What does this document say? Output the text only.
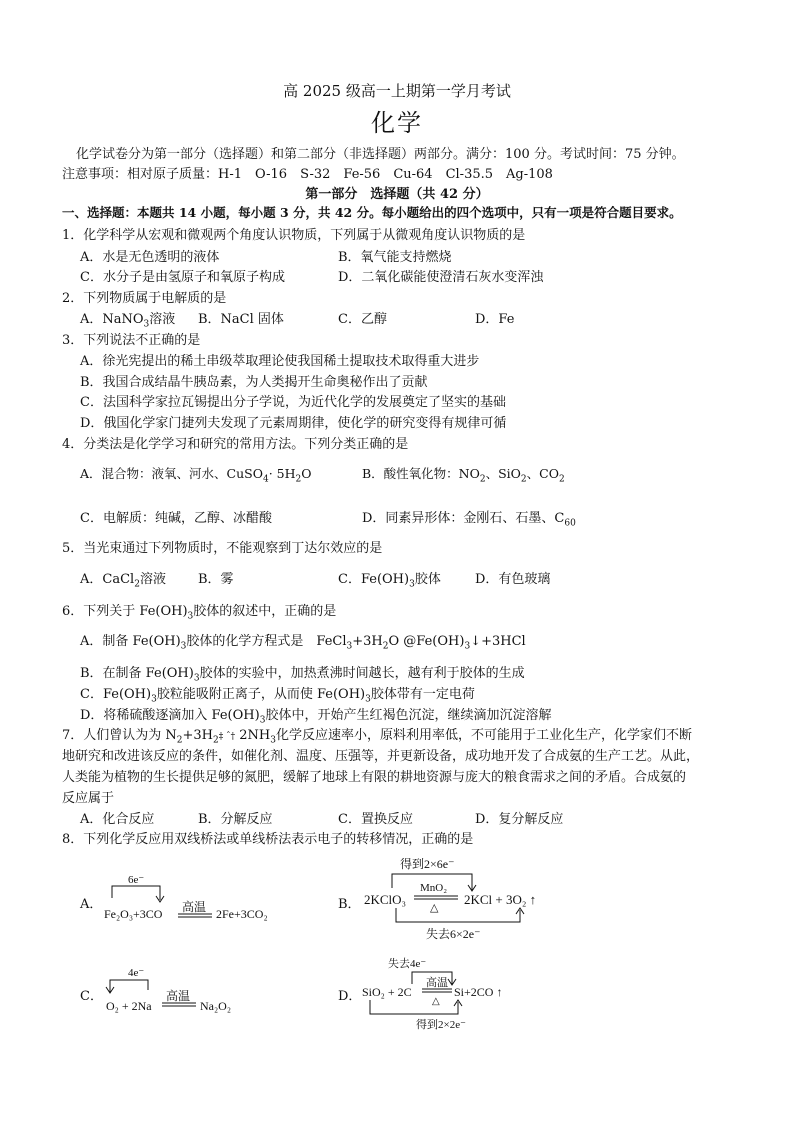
高 2025 级高一上期第一学月考试
化学
化学试卷分为第一部分（选择题）和第二部分（非选择题）两部分。满分：100 分。考试时间：75 分钟。
注意事项：相对原子质量：H-1　O-16　S-32　Fe-56　Cu-64　Cl-35.5　Ag-108
第一部分　选择题（共 42 分）
一、选择题：本题共 14 小题，每小题 3 分，共 42 分。每小题给出的四个选项中，只有一项是符合题目要求。
1．化学科学从宏观和微观两个角度认识物质，下列属于从微观角度认识物质的是
A．水是无色透明的液体	B．氧气能支持燃烧
C．水分子是由氢原子和氧原子构成	D．二氧化碳能使澄清石灰水变浑浊
2．下列物质属于电解质的是
A．NaNO$_3$溶液 B．NaCl 固体	C．乙醇	D．Fe
3．下列说法不正确的是
A．徐光宪提出的稀土串级萃取理论使我国稀土提取技术取得重大进步
B．我国合成结晶牛胰岛素，为人类揭开生命奥秘作出了贡献
C．法国科学家拉瓦锡提出分子学说，为近代化学的发展奠定了坚实的基础
D．俄国化学家门捷列夫发现了元素周期律，使化学的研究变得有规律可循
4．分类法是化学学习和研究的常用方法。下列分类正确的是
A．混合物：液氧、河水、CuSO$_4$· $5H_2O$	B．酸性氧化物：$NO_2$、SiO$_2$、$CO_2$
C．电解质：纯碱，乙醇、冰醋酸	D．同素异形体：金刚石、石墨、$C_{60}$
5．当光束通过下列物质时，不能观察到丁达尔效应的是
A．CaCl$_2$溶液 B．雾	C．$Fe(OH)_3$胶体	D．有色玻璃
6．下列关于 $Fe(OH)_3$胶体的叙述中，正确的是
A．制备 $Fe(OH)_3$胶体的化学方程式是　$FeCl_3+3H_2O$ $@Fe(OH)_3↓+3HCl$
B．在制备 $Fe(OH)_3$胶体的实验中，加热煮沸时间越长，越有利于胶体的生成
C．$Fe(OH)_3$胶粒能吸附正离子，从而使 $Fe(OH)_3$胶体带有一定电荷
D．将稀硫酸逐滴加入 $Fe(OH)_3$胶体中，开始产生红褐色沉淀，继续滴加沉淀溶解
7．人们曾认为为 $N_2+3H_2\ddagger$ ˆ† $2NH_3$化学反应速率小，原料利用率低，不可能用于工业化生产，化学家们不断
地研究和改进该反应的条件，如催化剂、温度、压强等，并更新设备，成功地开发了合成氨的生产工艺。从此，
人类能为植物的生长提供足够的氮肥，缓解了地球上有限的耕地资源与庞大的粮食需求之间的矛盾。合成氨的
反应属于
A．化合反应	B．分解反应	C．置换反应	D．复分解反应
8．下列化学反应用双线桥法或单线桥法表示电子的转移情况，正确的是
A．
6e⁻
Fe₂O₃+3CO 高温 2Fe+3CO₂
B．
得到2×6e⁻
2KClO₃
MnO₂
△
2KCl + 3O₂ ↑
失去6×2e⁻
C．
4e⁻
O₂ + 2Na
高温
Na₂O₂
D．
失去4e⁻
SiO₂ + 2C
高温
△
Si+2CO ↑
得到2×2e⁻
